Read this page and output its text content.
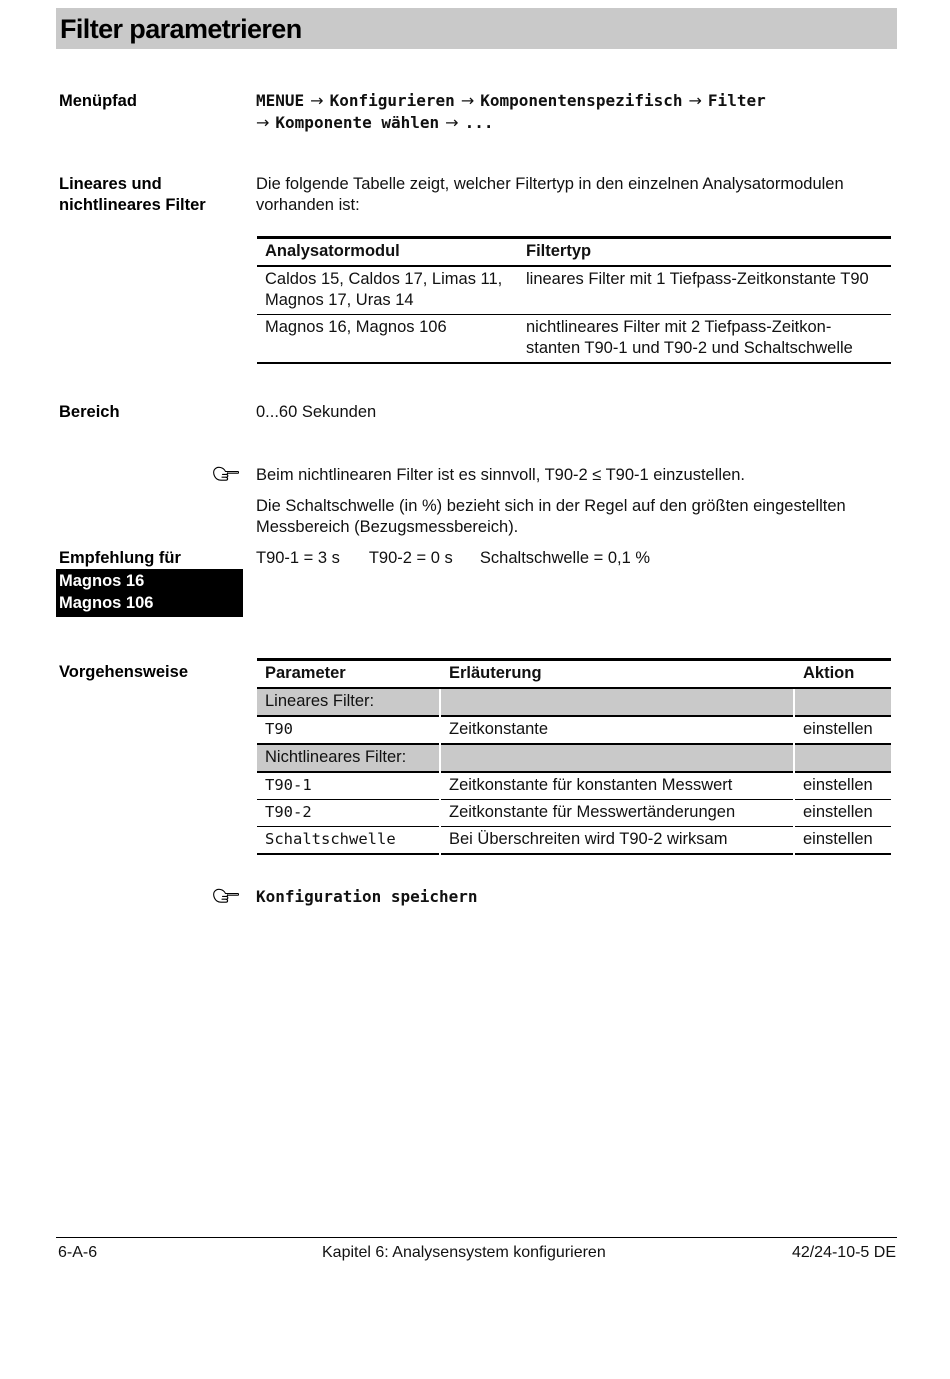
Filter parametrieren
Menüpfad	MENUE → Konfigurieren → Komponentenspezifisch → Filter
→ Komponente wählen → ...
Lineares und
nichtlineares Filter
Die folgende Tabelle zeigt, welcher Filtertyp in den einzelnen Analysatormodulen
vorhanden ist:
Analysatormodul	Filtertyp

Caldos 15, Caldos 17, Limas 11,
Magnos 17, Uras 14	lineares Filter mit 1 Tiefpass-Zeitkonstante T90

Magnos 16, Magnos 106	nichtlineares Filter mit 2 Tiefpass-Zeitkon-
stanten T90-1 und T90-2 und Schaltschwelle
Bereich	0...60 Sekunden
Beim nichtlinearen Filter ist es sinnvoll, T90-2 ≤ T90-1 einzustellen.
Die Schaltschwelle (in %) bezieht sich in der Regel auf den größten eingestellten
Messbereich (Bezugsmessbereich).
Empfehlung für
Magnos 16
Magnos 106
T90-1 = 3 s T90-2 = 0 s Schaltschwelle = 0,1 %
Vorgehensweise	Parameter	Erläuterung	Aktion
Lineares Filter:		
T90	Zeitkonstante	einstellen
Nichtlineares Filter:		
T90-1	Zeitkonstante für konstanten Messwert	einstellen
T90-2	Zeitkonstante für Messwertänderungen	einstellen
Schaltschwelle	Bei Überschreiten wird T90-2 wirksam	einstellen
Konfiguration speichern
6-A-6	Kapitel 6: Analysensystem konfigurieren	42/24-10-5 DE
